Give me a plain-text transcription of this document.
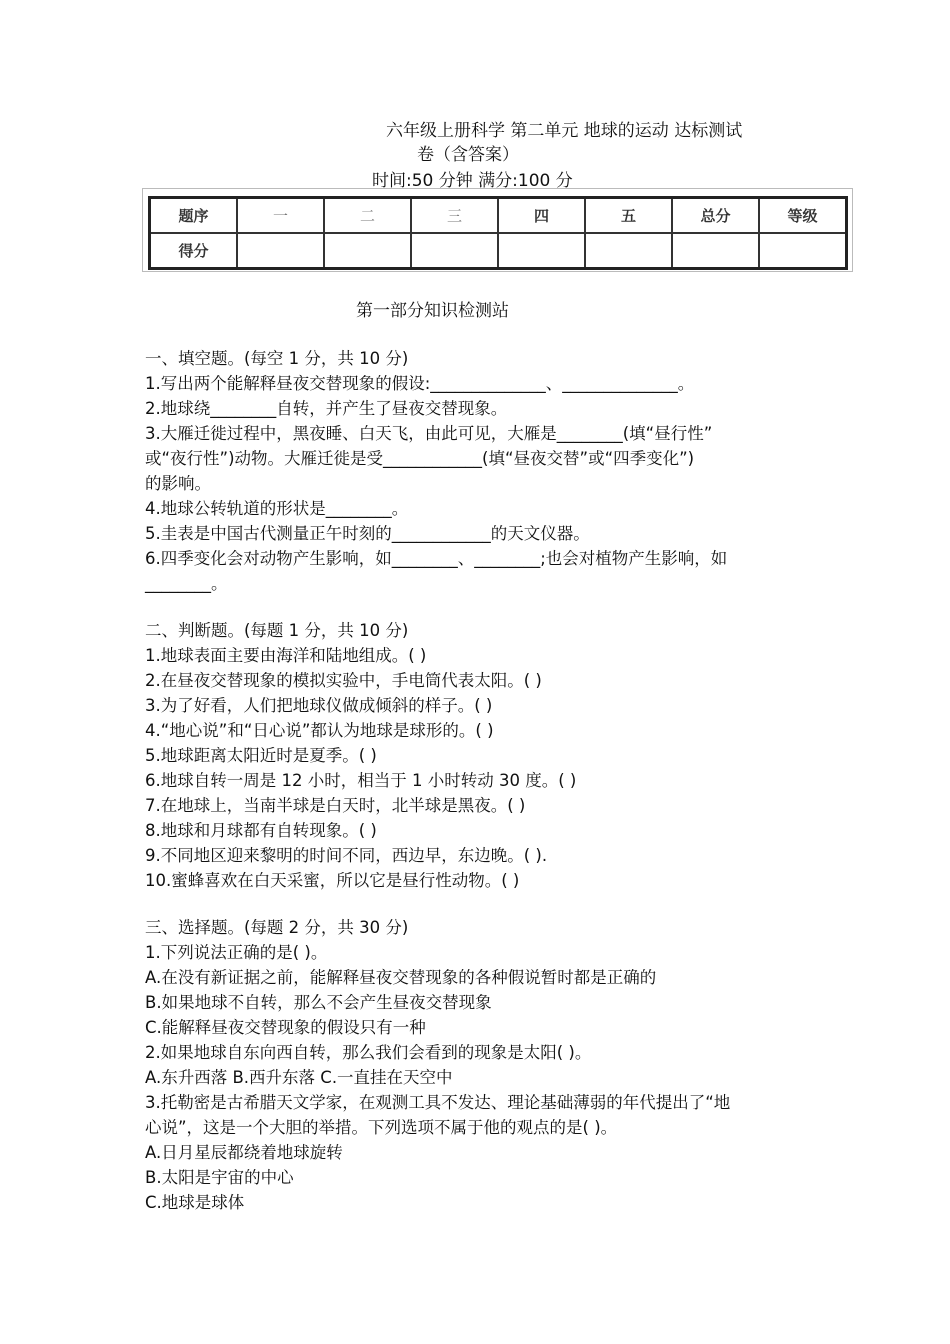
六年级上册科学 第二单元 地球的运动 达标测试
卷（含答案）
时间:50 分钟 满分:100 分
题序	一	二	三	四	五	总分	等级
得分							
第一部分知识检测站
一、填空题。(每空 1 分，共 10 分)
1.写出两个能解释昼夜交替现象的假设:______________、______________。
2.地球绕________自转，并产生了昼夜交替现象。
3.大雁迁徙过程中，黑夜睡、白天飞，由此可见，大雁是________(填“昼行性”
或“夜行性”)动物。大雁迁徙是受____________(填“昼夜交替”或“四季变化”)
的影响。
4.地球公转轨道的形状是________。
5.圭表是中国古代测量正午时刻的____________的天文仪器。
6.四季变化会对动物产生影响，如________、________;也会对植物产生影响，如
________。
二、判断题。(每题 1 分，共 10 分)
1.地球表面主要由海洋和陆地组成。( )
2.在昼夜交替现象的模拟实验中，手电筒代表太阳。( )
3.为了好看，人们把地球仪做成倾斜的样子。( )
4.“地心说”和“日心说”都认为地球是球形的。( )
5.地球距离太阳近时是夏季。( )
6.地球自转一周是 12 小时，相当于 1 小时转动 30 度。( )
7.在地球上，当南半球是白天时，北半球是黑夜。( )
8.地球和月球都有自转现象。( )
9.不同地区迎来黎明的时间不同，西边早，东边晚。( ).
10.蜜蜂喜欢在白天采蜜，所以它是昼行性动物。( )
三、选择题。(每题 2 分，共 30 分)
1.下列说法正确的是( )。
A.在没有新证据之前，能解释昼夜交替现象的各种假说暂时都是正确的
B.如果地球不自转，那么不会产生昼夜交替现象
C.能解释昼夜交替现象的假设只有一种
2.如果地球自东向西自转，那么我们会看到的现象是太阳( )。
A.东升西落 B.西升东落 C.一直挂在天空中
3.托勒密是古希腊天文学家，在观测工具不发达、理论基础薄弱的年代提出了“地
心说”，这是一个大胆的举措。下列选项不属于他的观点的是( )。
A.日月星辰都绕着地球旋转
B.太阳是宇宙的中心
C.地球是球体
